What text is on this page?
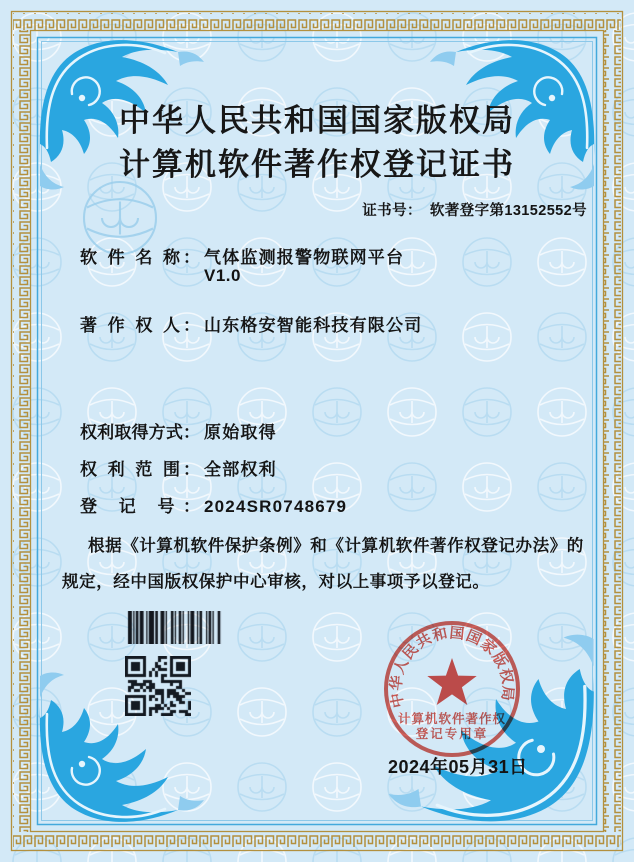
中华人民共和国国家版权局
计算机软件著作权登记证书
证书号： 软著登字第13152552号
软 件 名 称： 气体监测报警物联网平台
V1.0
著 作 权 人： 山东格安智能科技有限公司
权利取得方式： 原始取得
权 利 范 围： 全部权利
登 记 号： 2024SR0748679
根据《计算机软件保护条例》和《计算机软件著作权登记办法》的
规定，经中国版权保护中心审核，对以上事项予以登记。
中华人民共和国国家版权局
计算机软件著作权
登记专用章
2024年05月31日
